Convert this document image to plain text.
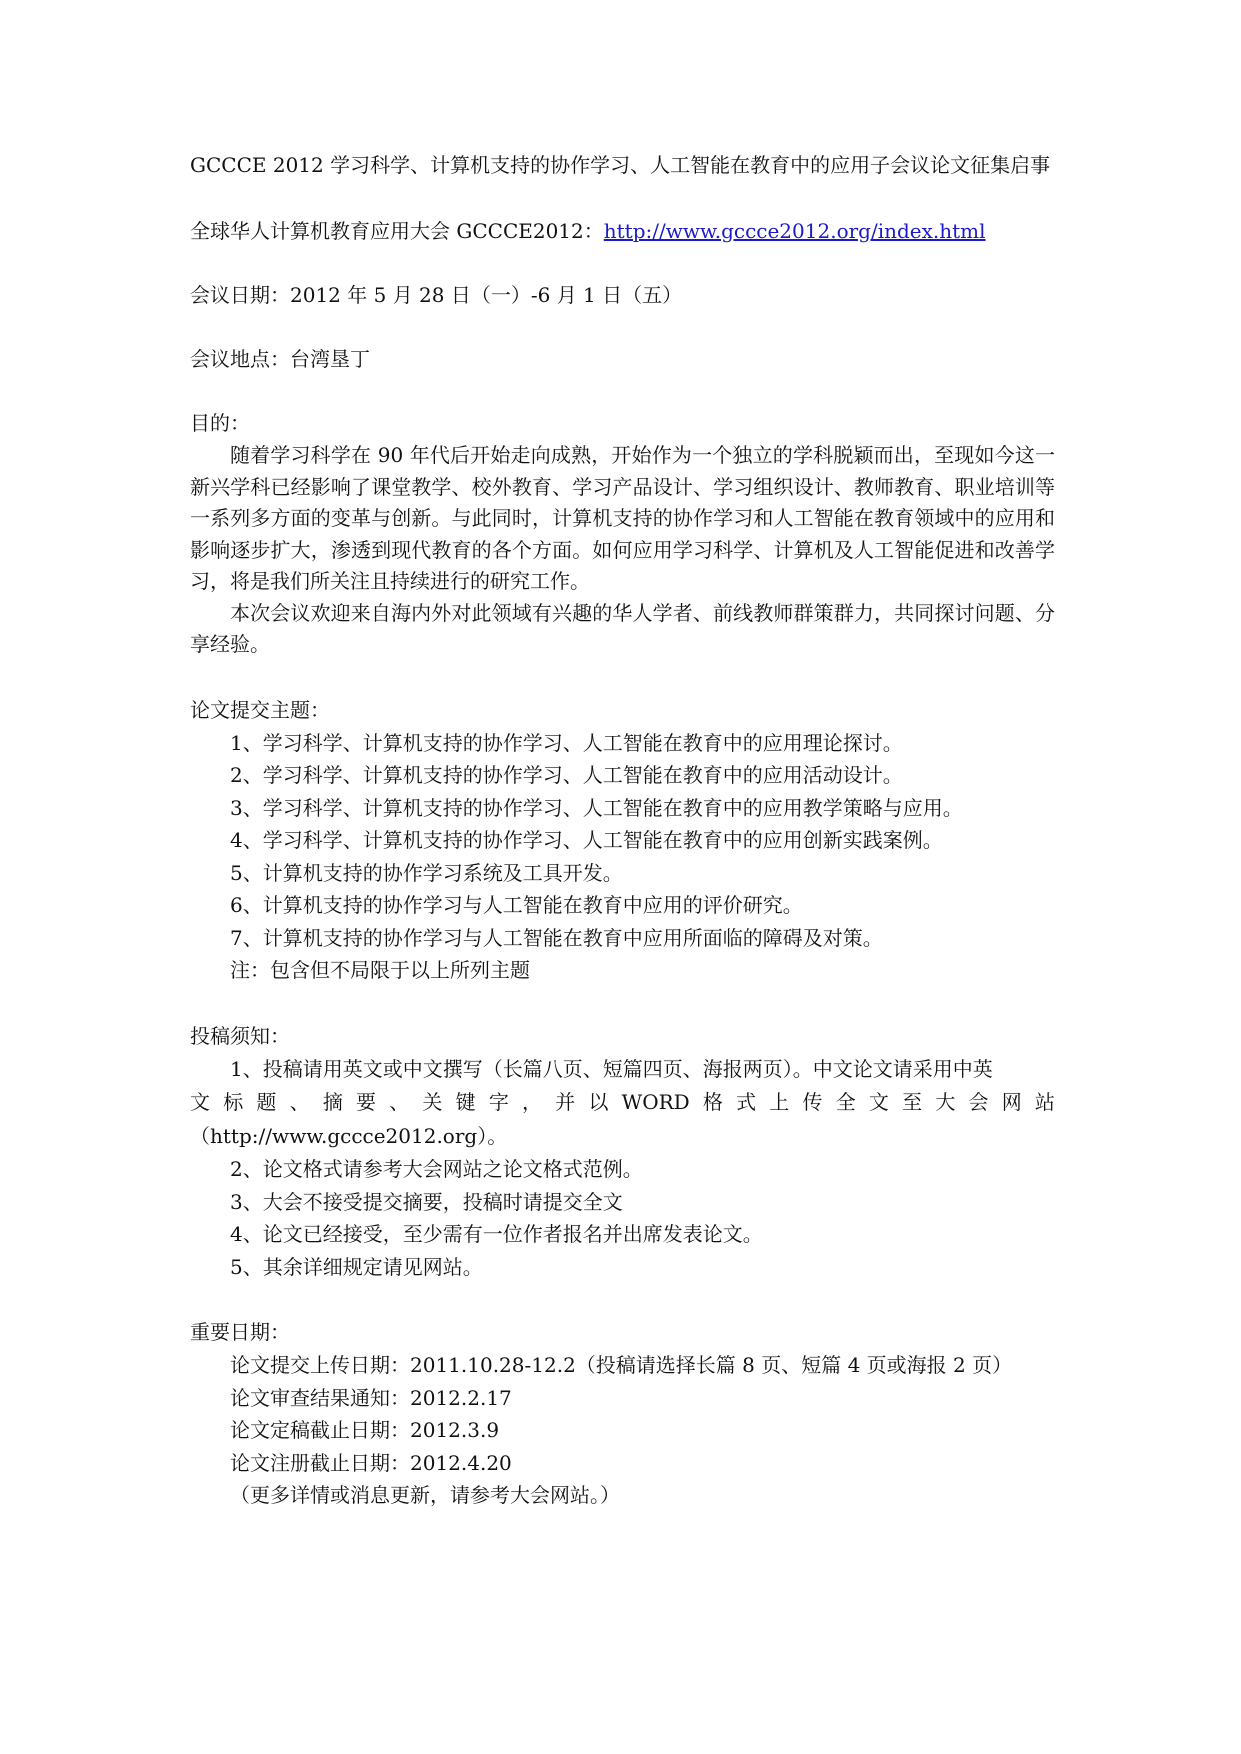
GCCCE 2012 学习科学、计算机支持的协作学习、人工智能在教育中的应用子会议论文征集启事

全球华人计算机教育应用大会 GCCCE2012：http://www.gccce2012.org/index.html

会议日期：2012 年 5 月 28 日（一）-6 月 1 日（五）

会议地点：台湾垦丁

目的：

随着学习科学在 90 年代后开始走向成熟，开始作为一个独立的学科脱颖而出，至现如今这一新兴学科已经影响了课堂教学、校外教育、学习产品设计、学习组织设计、教师教育、职业培训等一系列多方面的变革与创新。与此同时，计算机支持的协作学习和人工智能在教育领域中的应用和影响逐步扩大，渗透到现代教育的各个方面。如何应用学习科学、计算机及人工智能促进和改善学习，将是我们所关注且持续进行的研究工作。

本次会议欢迎来自海内外对此领域有兴趣的华人学者、前线教师群策群力，共同探讨问题、分享经验。

论文提交主题：

1、学习科学、计算机支持的协作学习、人工智能在教育中的应用理论探讨。

2、学习科学、计算机支持的协作学习、人工智能在教育中的应用活动设计。

3、学习科学、计算机支持的协作学习、人工智能在教育中的应用教学策略与应用。

4、学习科学、计算机支持的协作学习、人工智能在教育中的应用创新实践案例。

5、计算机支持的协作学习系统及工具开发。

6、计算机支持的协作学习与人工智能在教育中应用的评价研究。

7、计算机支持的协作学习与人工智能在教育中应用所面临的障碍及对策。

注：包含但不局限于以上所列主题

投稿须知：

1、投稿请用英文或中文撰写（长篇八页、短篇四页、海报两页）。中文论文请采用中英

文 标 题 、 摘 要 、 关 键 字 ， 并 以 WORD 格 式 上 传 全 文 至 大 会 网 站

（http://www.gccce2012.org）。

2、论文格式请参考大会网站之论文格式范例。

3、大会不接受提交摘要，投稿时请提交全文

4、论文已经接受，至少需有一位作者报名并出席发表论文。

5、其余详细规定请见网站。

重要日期：

论文提交上传日期：2011.10.28-12.2（投稿请选择长篇 8 页、短篇 4 页或海报 2 页）

论文审查结果通知：2012.2.17

论文定稿截止日期：2012.3.9

论文注册截止日期：2012.4.20

（更多详情或消息更新，请参考大会网站。）
